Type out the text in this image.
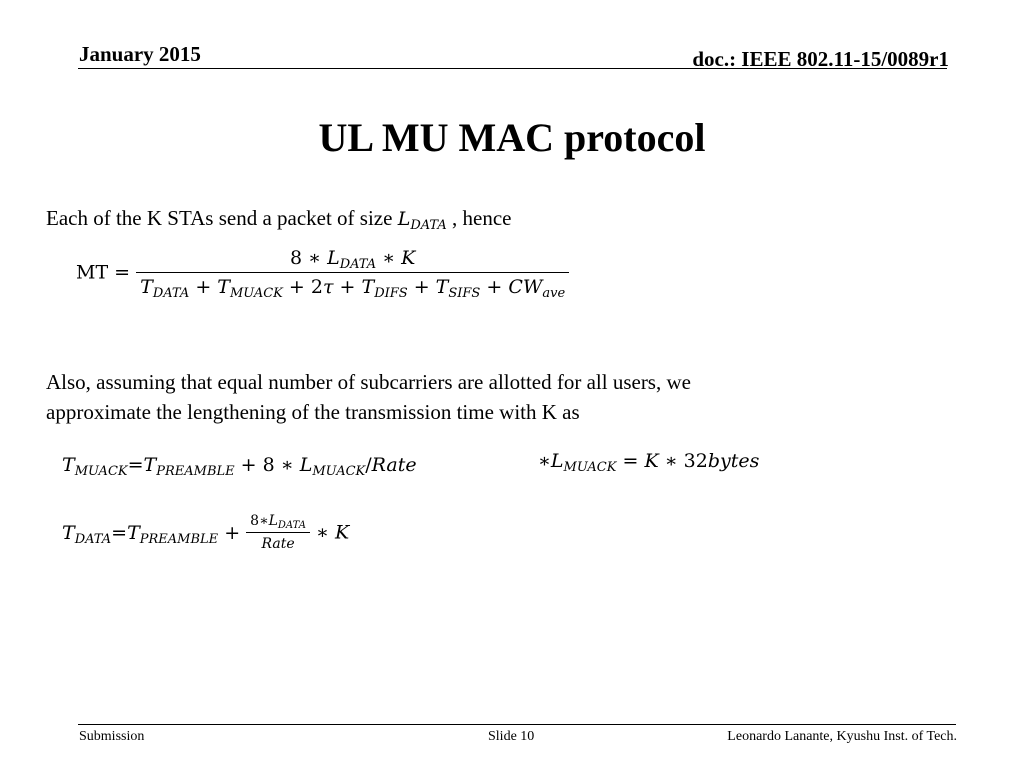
January 2015	doc.: IEEE 802.11-15/0089r1
UL MU MAC protocol
Each of the K STAs send a packet of size $L_{DATA}$ , hence
MT = $\frac{8 ∗ L_{DATA} ∗ K}{T_{DATA} + T_{MUACK} + 2\tau + T_{DIFS} + T_{SIFS} + CW_{ave}}$
Also, assuming that equal number of subcarriers are allotted for all users, we
approximate the lengthening of the transmission time with K as
$T_{MUACK}=T_{PREAMBLE} + 8$ ∗ $L_{MUACK}$/Rate	$∗L_{MUACK} = K$ ∗ 32bytes
$T_{DATA}=T_{PREAMBLE} + \frac{8∗L_{DATA}}{\text{Rate}}$ ∗ K
Submission	Slide 10	Leonardo Lanante, Kyushu Inst. of Tech.
